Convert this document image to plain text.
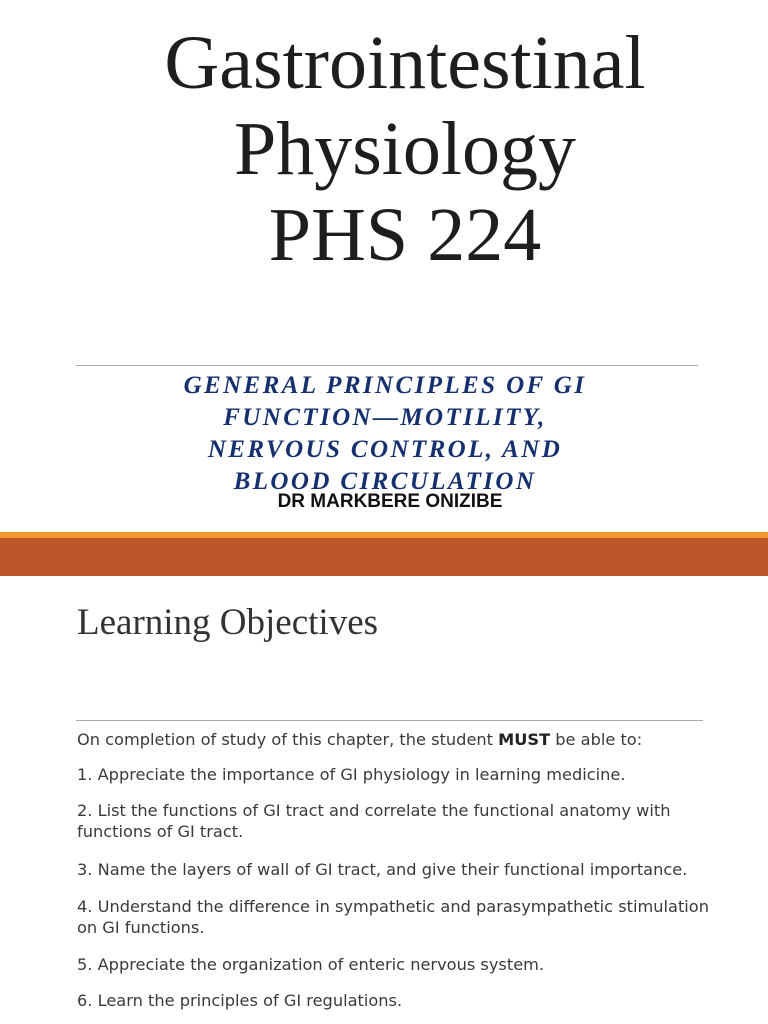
Gastrointestinal
Physiology
PHS 224
GENERAL PRINCIPLES OF GI
FUNCTION—MOTILITY,
NERVOUS CONTROL, AND
BLOOD CIRCULATION
DR MARKBERE ONIZIBE
Learning Objectives
On completion of study of this chapter, the student MUST be able to:
1. Appreciate the importance of GI physiology in learning medicine.
2. List the functions of GI tract and correlate the functional anatomy with functions of GI tract.
3. Name the layers of wall of GI tract, and give their functional importance.
4. Understand the difference in sympathetic and parasympathetic stimulation on GI functions.
5. Appreciate the organization of enteric nervous system.
6. Learn the principles of GI regulations.
